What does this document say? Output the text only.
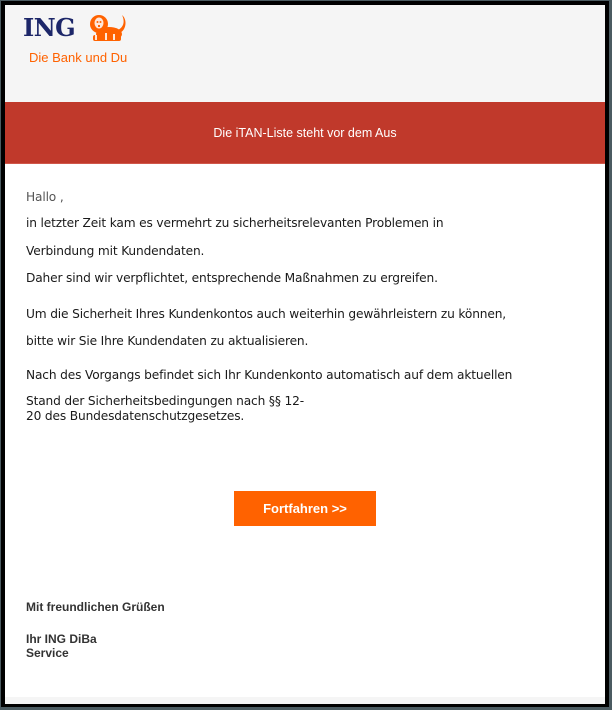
ING
Die Bank und Du
Die iTAN-Liste steht vor dem Aus
Hallo ,
in letzter Zeit kam es vermehrt zu sicherheitsrelevanten Problemen in
Verbindung mit Kundendaten.
Daher sind wir verpflichtet, entsprechende Maßnahmen zu ergreifen.
Um die Sicherheit Ihres Kundenkontos auch weiterhin gewährleistern zu können,
bitte wir Sie Ihre Kundendaten zu aktualisieren.
Nach des Vorgangs befindet sich Ihr Kundenkonto automatisch auf dem aktuellen
Stand der Sicherheitsbedingungen nach §§ 12-
20 des Bundesdatenschutzgesetzes.
Fortfahren >>
Mit freundlichen Grüßen
Ihr ING DiBa
Service
